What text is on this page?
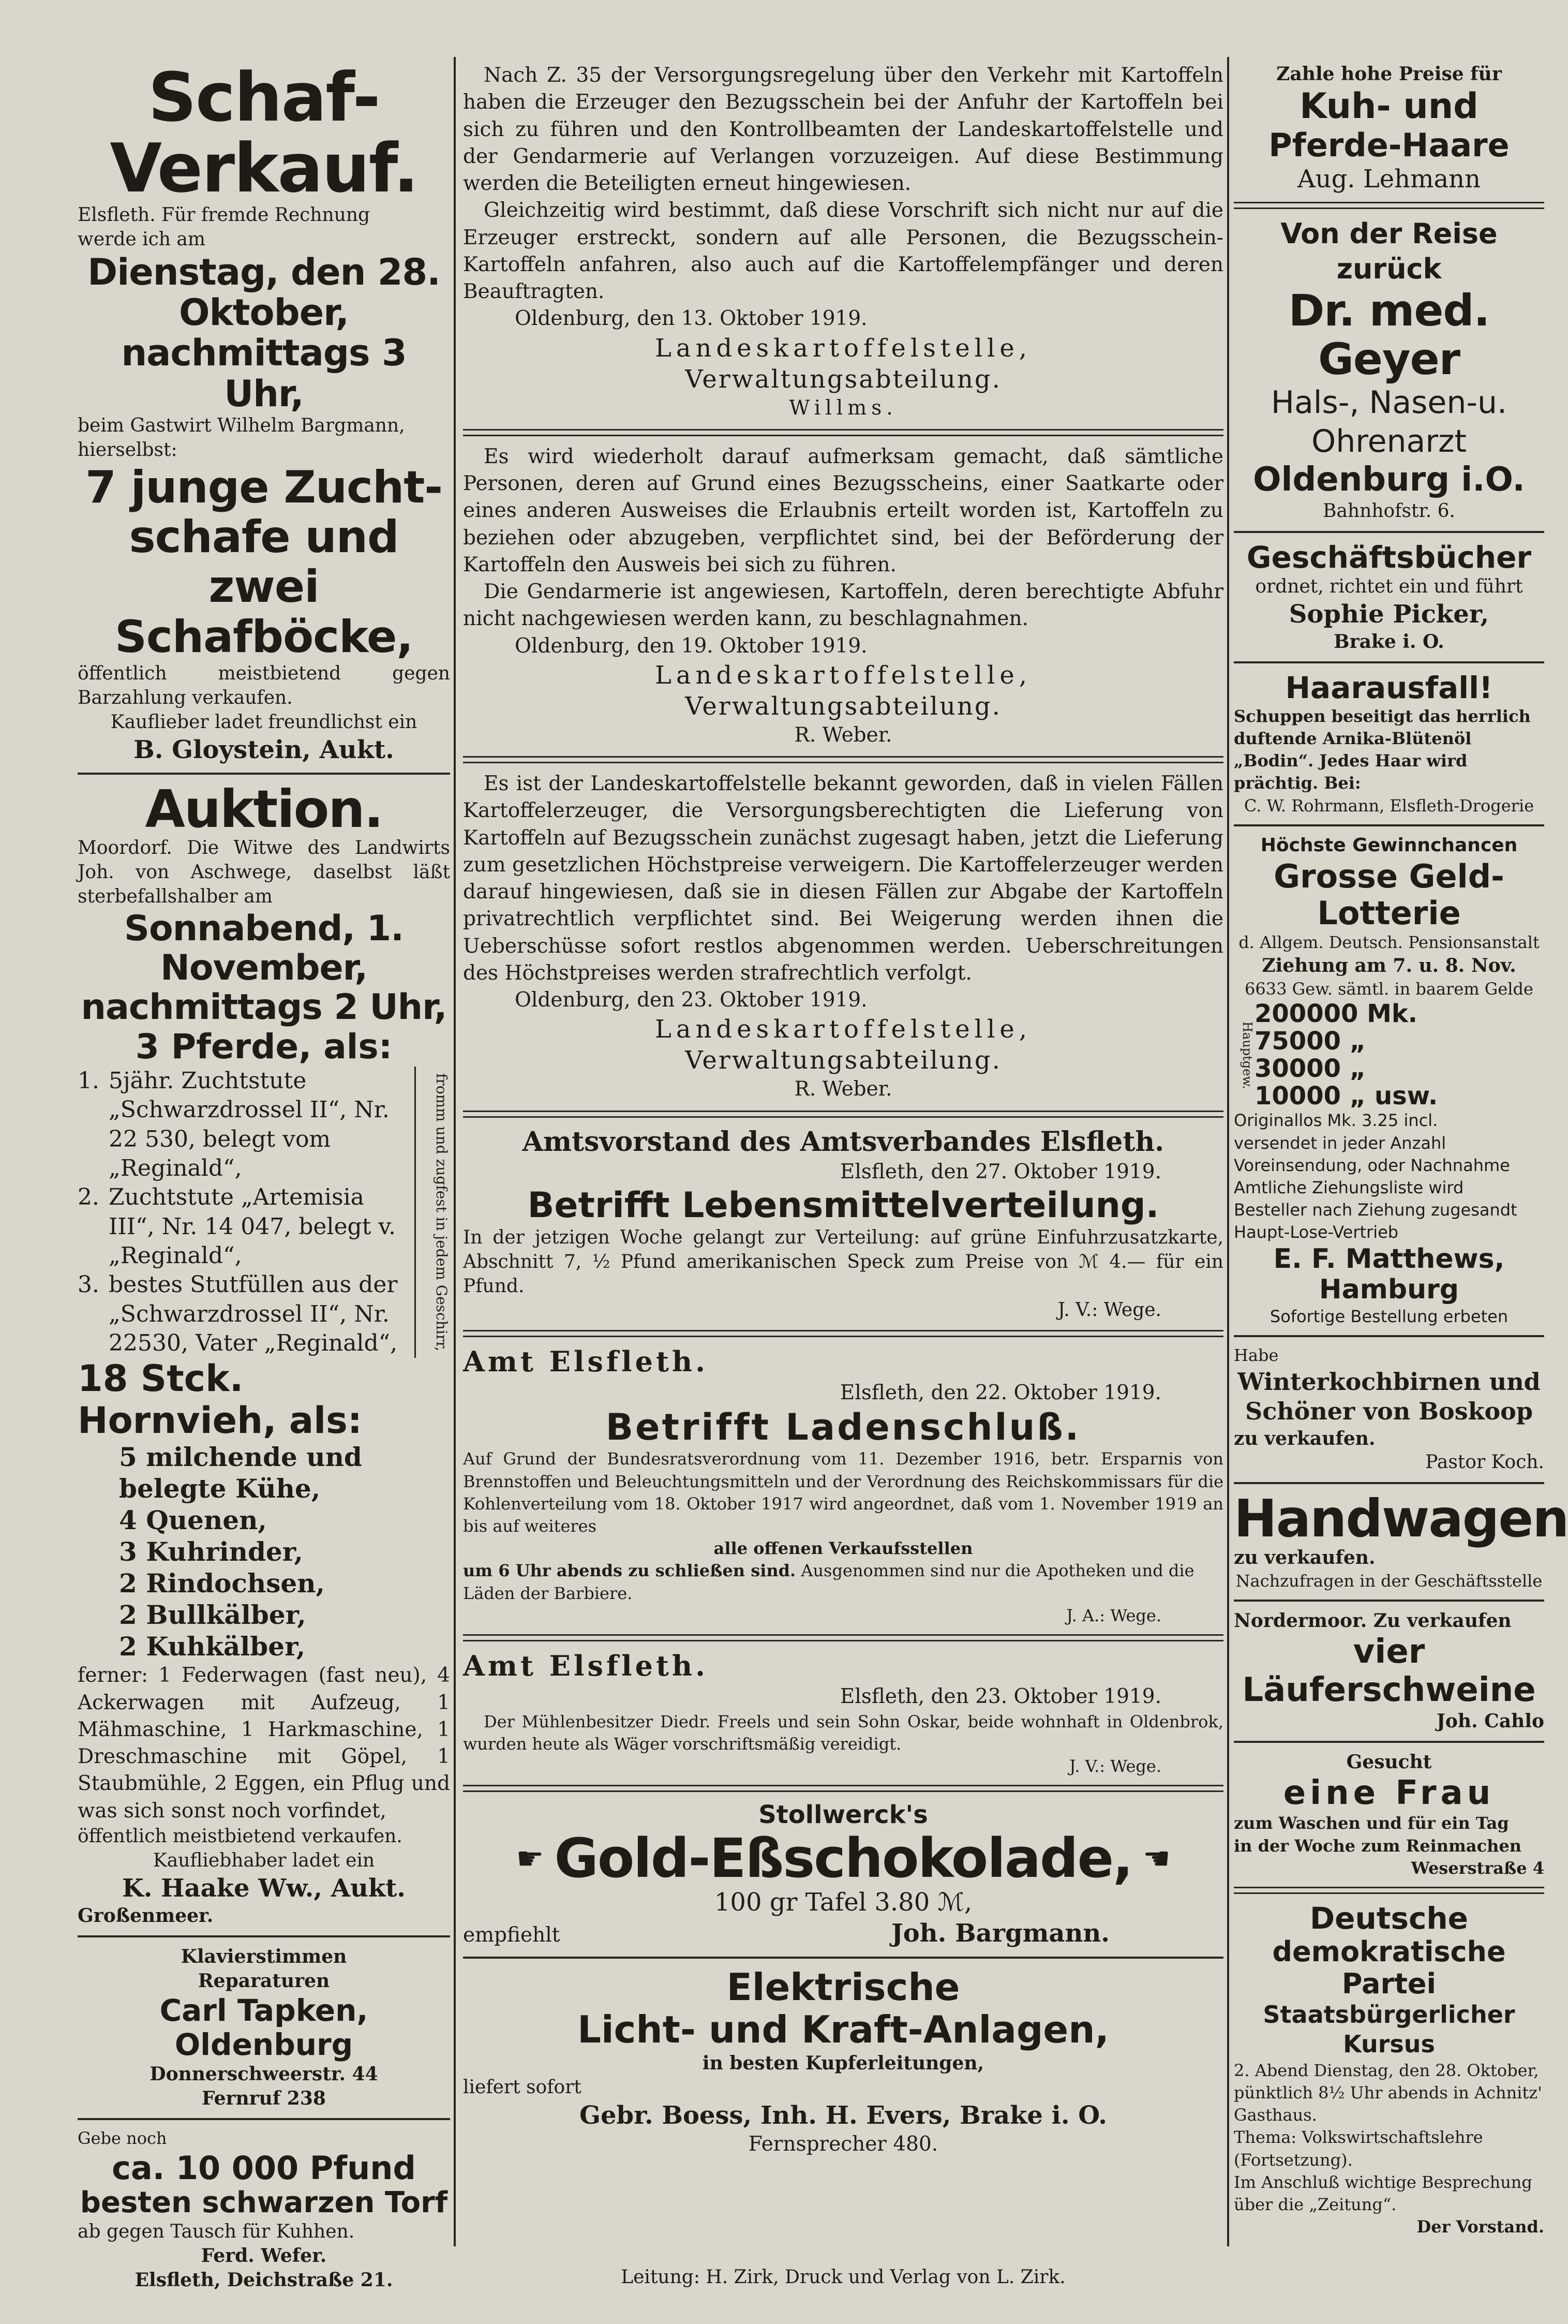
Schaf-Verkauf.

Elsfleth. Für fremde Rechnung

werde ich am

Dienstag, den 28. Oktober,

nachmittags 3 Uhr,

beim Gastwirt Wilhelm Bargmann, hierselbst:

7 junge Zucht-

schafe und zwei

Schafböcke,

öffentlich meistbietend gegen Barzahlung verkaufen.

Kauflieber ladet freundlichst ein

B. Gloystein, Aukt.

Auktion.

Moordorf. Die Witwe des Landwirts Joh. von Aschwege, daselbst läßt sterbefallshalber am

Sonnabend, 1. November,

nachmittags 2 Uhr,

3 Pferde, als:

1. 5jähr. Zuchtstute „Schwarzdrossel II“, Nr. 22 530, belegt vom „Reginald“,
2. Zuchtstute „Artemisia III“, Nr. 14 047, belegt v. „Reginald“,
3. bestes Stutfüllen aus der „Schwarzdrossel II“, Nr. 22530, Vater „Reginald“,	fromm und zugfest in jedem Geschirr,

18 Stck. Hornvieh, als:

5 milchende und belegte Kühe,

4 Quenen,

3 Kuhrinder,

2 Rindochsen,

2 Bullkälber,

2 Kuhkälber,

ferner: 1 Federwagen (fast neu), 4 Ackerwagen mit Aufzeug, 1 Mähmaschine, 1 Harkmaschine, 1 Dreschmaschine mit Göpel, 1 Staubmühle, 2 Eggen, ein Pflug und was sich sonst noch vorfindet,

öffentlich meistbietend verkaufen.

Kaufliebhaber ladet ein

K. Haake Ww., Aukt.

Großenmeer.

Klavierstimmen

Reparaturen

Carl Tapken, Oldenburg

Donnerschweerstr. 44

Fernruf 238

Gebe noch

ca. 10 000 Pfund

besten schwarzen Torf

ab gegen Tausch für Kuhhen.

Ferd. Wefer.

Elsfleth, Deichstraße 21.

Nach Z. 35 der Versorgungsregelung über den Verkehr mit Kartoffeln haben die Erzeuger den Bezugsschein bei der Anfuhr der Kartoffeln bei sich zu führen und den Kontrollbeamten der Landeskartoffelstelle und der Gendarmerie auf Verlangen vorzuzeigen. Auf diese Bestimmung werden die Beteiligten erneut hingewiesen.

Gleichzeitig wird bestimmt, daß diese Vorschrift sich nicht nur auf die Erzeuger erstreckt, sondern auf alle Personen, die Bezugsschein-Kartoffeln anfahren, also auch auf die Kartoffelempfänger und deren Beauftragten.

Oldenburg, den 13. Oktober 1919.

Landeskartoffelstelle,

Verwaltungsabteilung.

Willms.

Es wird wiederholt darauf aufmerksam gemacht, daß sämtliche Personen, deren auf Grund eines Bezugsscheins, einer Saatkarte oder eines anderen Ausweises die Erlaubnis erteilt worden ist, Kartoffeln zu beziehen oder abzugeben, verpflichtet sind, bei der Beförderung der Kartoffeln den Ausweis bei sich zu führen.

Die Gendarmerie ist angewiesen, Kartoffeln, deren berechtigte Abfuhr nicht nachgewiesen werden kann, zu beschlagnahmen.

Oldenburg, den 19. Oktober 1919.

Landeskartoffelstelle,

Verwaltungsabteilung.

R. Weber.

Es ist der Landeskartoffelstelle bekannt geworden, daß in vielen Fällen Kartoffelerzeuger, die Versorgungsberechtigten die Lieferung von Kartoffeln auf Bezugsschein zunächst zugesagt haben, jetzt die Lieferung zum gesetzlichen Höchstpreise verweigern. Die Kartoffelerzeuger werden darauf hingewiesen, daß sie in diesen Fällen zur Abgabe der Kartoffeln privatrechtlich verpflichtet sind. Bei Weigerung werden ihnen die Ueberschüsse sofort restlos abgenommen werden. Ueberschreitungen des Höchstpreises werden strafrechtlich verfolgt.

Oldenburg, den 23. Oktober 1919.

Landeskartoffelstelle,

Verwaltungsabteilung.

R. Weber.

Amtsvorstand des Amtsverbandes Elsfleth.

Elsfleth, den 27. Oktober 1919.

Betrifft Lebensmittelverteilung.

In der jetzigen Woche gelangt zur Verteilung: auf grüne Einfuhrzusatzkarte, Abschnitt 7, ½ Pfund amerikanischen Speck zum Preise von ℳ 4.— für ein Pfund.

J. V.: Wege.

Amt Elsfleth.

Elsfleth, den 22. Oktober 1919.

Betrifft Ladenschluß.

Auf Grund der Bundesratsverordnung vom 11. Dezember 1916, betr. Ersparnis von Brennstoffen und Beleuchtungsmitteln und der Verordnung des Reichskommissars für die Kohlenverteilung vom 18. Oktober 1917 wird angeordnet, daß vom 1. November 1919 an bis auf weiteres

alle offenen Verkaufsstellen

um 6 Uhr abends zu schließen sind. Ausgenommen sind nur die Apotheken und die Läden der Barbiere.

J. A.: Wege.

Amt Elsfleth.

Elsfleth, den 23. Oktober 1919.

Der Mühlenbesitzer Diedr. Freels und sein Sohn Oskar, beide wohnhaft in Oldenbrok, wurden heute als Wäger vorschriftsmäßig vereidigt.

J. V.: Wege.

Stollwerck's

☛ Gold-Eßschokolade, ☛

100 gr Tafel 3.80 ℳ,

empfiehlt	Joh. Bargmann.

Elektrische

Licht- und Kraft-Anlagen,

in besten Kupferleitungen,

liefert sofort

Gebr. Boess, Inh. H. Evers, Brake i. O.

Fernsprecher 480.

Zahle hohe Preise für

Kuh- und

Pferde-Haare

Aug. Lehmann

Von der Reise zurück

Dr. med. Geyer

Hals-, Nasen-u.

Ohrenarzt

Oldenburg i.O.

Bahnhofstr. 6.

Geschäftsbücher

ordnet, richtet ein und führt

Sophie Picker,

Brake i. O.

Haarausfall!

Schuppen beseitigt das herrlich duftende Arnika-Blütenöl „Bodin“. Jedes Haar wird prächtig. Bei:

C. W. Rohrmann, Elsfleth-Drogerie

Höchste Gewinnchancen

Grosse Geld-Lotterie

d. Allgem. Deutsch. Pensionsanstalt

Ziehung am 7. u. 8. Nov.

6633 Gew. sämtl. in baarem Gelde

Hauptgew.

200000 Mk.

75000 „

30000 „

10000 „ usw.

Originallos Mk. 3.25 incl.

versendet in jeder Anzahl

Voreinsendung, oder Nachnahme

Amtliche Ziehungsliste wird

Besteller nach Ziehung zugesandt

Haupt-Lose-Vertrieb

E. F. Matthews, Hamburg

Sofortige Bestellung erbeten

Habe

Winterkochbirnen und

Schöner von Boskoop

zu verkaufen.

Pastor Koch.

Handwagen

zu verkaufen.

Nachzufragen in der Geschäftsstelle

Nordermoor. Zu verkaufen

vier Läuferschweine

Joh. Cahlo

Gesucht

eine Frau

zum Waschen und für ein Tag

in der Woche zum Reinmachen

Weserstraße 4

Deutsche

demokratische Partei

Staatsbürgerlicher Kursus

2. Abend Dienstag, den 28. Oktober, pünktlich 8½ Uhr abends in Achnitz' Gasthaus.

Thema: Volkswirtschaftslehre (Fortsetzung).

Im Anschluß wichtige Besprechung über die „Zeitung“.

Der Vorstand.

Leitung: H. Zirk, Druck und Verlag von L. Zirk.
